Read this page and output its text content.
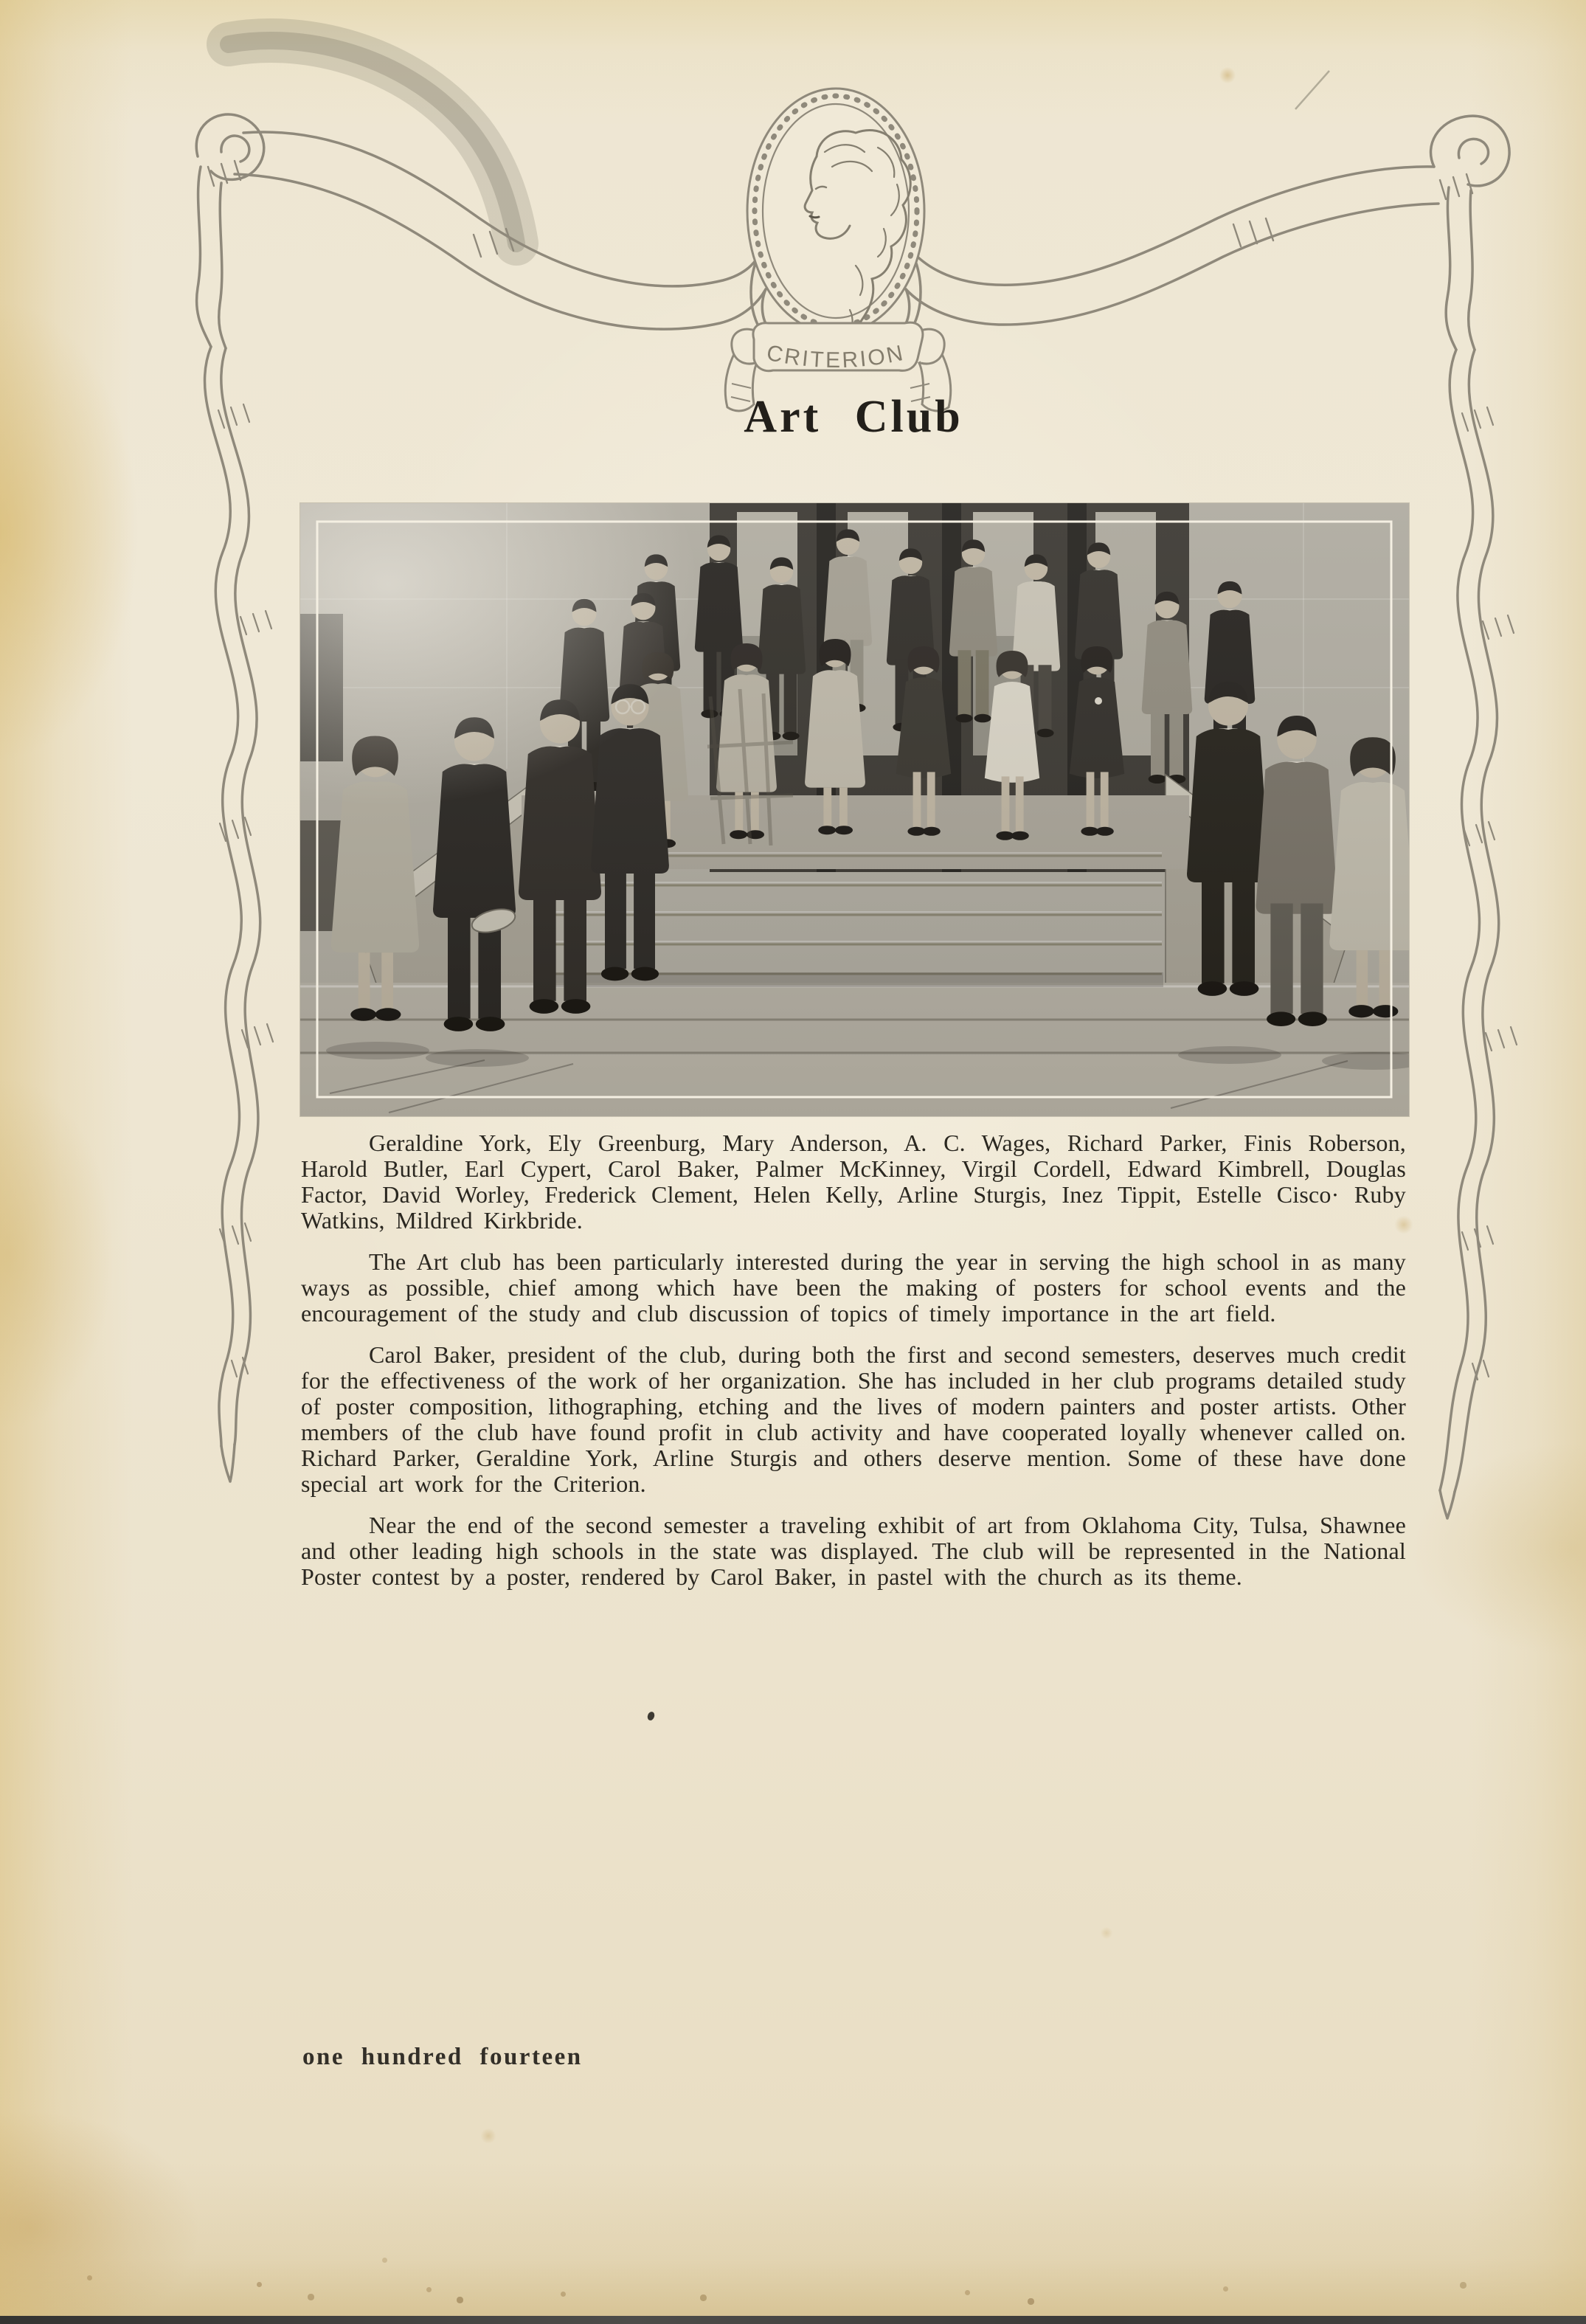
CRITERION
Art Club

Geraldine York, Ely Greenburg, Mary Anderson, A. C. Wages, Richard Parker, Finis Roberson, Harold Butler, Earl Cypert, Carol Baker, Palmer McKinney, Virgil Cordell, Edward Kimbrell, Douglas Factor, David Worley, Frederick Clement, Helen Kelly, Arline Sturgis, Inez Tippit, Estelle Cisco· Ruby Watkins, Mildred Kirkbride.

The Art club has been particularly interested during the year in serving the high school in as many ways as possible, chief among which have been the making of posters for school events and the encouragement of the study and club discussion of topics of timely importance in the art field.

Carol Baker, president of the club, during both the first and second semesters, deserves much credit for the effectiveness of the work of her organization. She has included in her club programs detailed study of poster composition, lithographing, etching and the lives of modern painters and poster artists. Other members of the club have found profit in club activity and have cooperated loyally whenever called on. Richard Parker, Geraldine York, Arline Sturgis and others deserve mention. Some of these have done special art work for the Criterion.

Near the end of the second semester a traveling exhibit of art from Oklahoma City, Tulsa, Shawnee and other leading high schools in the state was displayed. The club will be represented in the National Poster contest by a poster, rendered by Carol Baker, in pastel with the church as its theme.

one hundred fourteen
